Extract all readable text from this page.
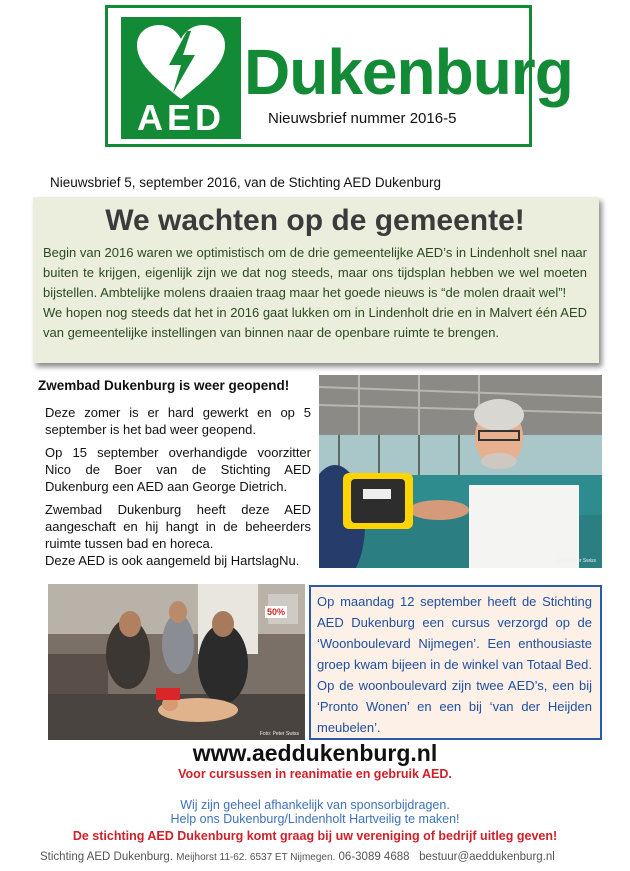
AED
Dukenburg
Nieuwsbrief nummer 2016-5
Nieuwsbrief 5, september 2016, van de Stichting AED Dukenburg
We wachten op de gemeente!

Begin van 2016 waren we optimistisch om de drie gemeentelijke AED’s in Lindenholt snel naar buiten te krijgen, eigenlijk zijn we dat nog steeds, maar ons tijdsplan hebben we wel moeten bijstellen. Ambtelijke molens draaien traag maar het goede nieuws is “de molen draait wel”!

We hopen nog steeds dat het in 2016 gaat lukken om in Lindenholt drie en in Malvert één AED van gemeentelijke instellingen van binnen naar de openbare ruimte te brengen.

Zwembad Dukenburg is weer geopend!

Deze zomer is er hard gewerkt en op 5 september is het bad weer geopend.

Op 15 september overhandigde voorzitter Nico de Boer van de Stichting AED Dukenburg een AED aan George Dietrich.

Zwembad Dukenburg heeft deze AED aangeschaft en hij hangt in de beheerders ruimte tussen bad en horeca.

Deze AED is ook aangemeld bij HartslagNu.	Foto: Peter Swiss
50%
Foto: Peter Swiss
Op maandag 12 september heeft de Stichting AED Dukenburg een cursus verzorgd op de ‘Woonboulevard Nijmegen’. Een enthousiaste groep kwam bijeen in de winkel van Totaal Bed. Op de woonboulevard zijn twee AED’s, een bij ‘Pronto Wonen’ en een bij ‘van der Heijden meubelen’.
www.aeddukenburg.nl
Voor cursussen in reanimatie en gebruik AED.
Wij zijn geheel afhankelijk van sponsorbijdragen.
Help ons Dukenburg/Lindenholt Hartveilig te maken!
De stichting AED Dukenburg komt graag bij uw vereniging of bedrijf uitleg geven!
Stichting AED Dukenburg. Meijhorst 11-62. 6537 ET Nijmegen. 06-3089 4688 bestuur@aeddukenburg.nl
